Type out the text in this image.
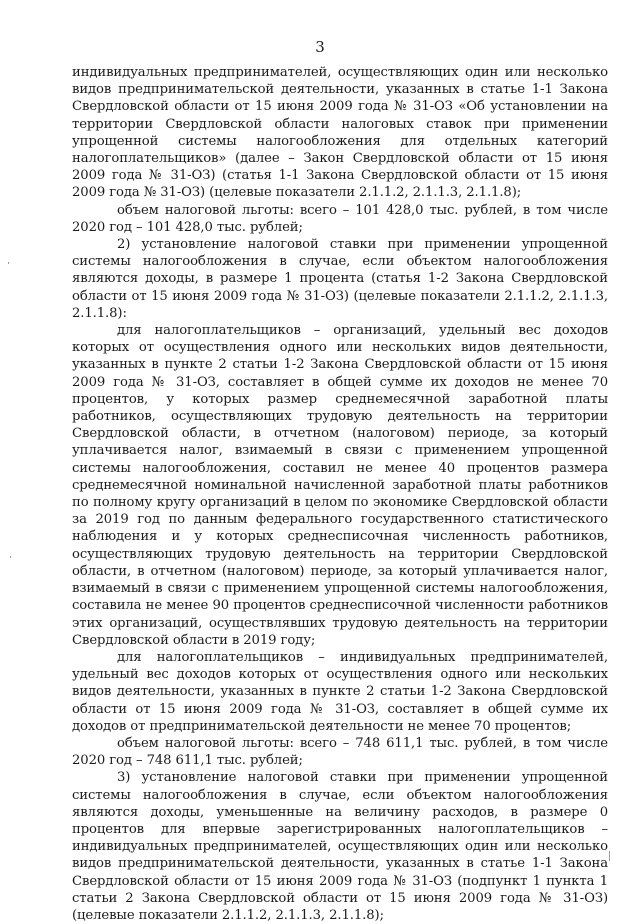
3

индивидуальных предпринимателей, осуществляющих один или несколько видов предпринимательской деятельности, указанных в статье 1-1 Закона Свердловской области от 15 июня 2009 года № 31-ОЗ «Об установлении на территории Свердловской области налоговых ставок при применении упрощенной системы налогообложения для отдельных категорий налогоплательщиков» (далее – Закон Свердловской области от 15 июня 2009 года № 31-ОЗ) (статья 1-1 Закона Свердловской области от 15 июня 2009 года № 31-ОЗ) (целевые показатели 2.1.1.2, 2.1.1.3, 2.1.1.8);

объем налоговой льготы: всего – 101 428,0 тыс. рублей, в том числе 2020 год – 101 428,0 тыс. рублей;

2) установление налоговой ставки при применении упрощенной системы налогообложения в случае, если объектом налогообложения являются доходы, в размере 1 процента (статья 1-2 Закона Свердловской области от 15 июня 2009 года № 31-ОЗ) (целевые показатели 2.1.1.2, 2.1.1.3, 2.1.1.8):

для налогоплательщиков – организаций, удельный вес доходов которых от осуществления одного или нескольких видов деятельности, указанных в пункте 2 статьи 1-2 Закона Свердловской области от 15 июня 2009 года № 31-ОЗ, составляет в общей сумме их доходов не менее 70 процентов, у которых размер среднемесячной заработной платы работников, осуществляющих трудовую деятельность на территории Свердловской области, в отчетном (налоговом) периоде, за который уплачивается налог, взимаемый в связи с применением упрощенной системы налогообложения, составил не менее 40 процентов размера среднемесячной номинальной начисленной заработной платы работников по полному кругу организаций в целом по экономике Свердловской области за 2019 год по данным федерального государственного статистического наблюдения и у которых среднесписочная численность работников, осуществляющих трудовую деятельность на территории Свердловской области, в отчетном (налоговом) периоде, за который уплачивается налог, взимаемый в связи с применением упрощенной системы налогообложения, составила не менее 90 процентов среднесписочной численности работников этих организаций, осуществлявших трудовую деятельность на территории Свердловской области в 2019 году;

для налогоплательщиков – индивидуальных предпринимателей, удельный вес доходов которых от осуществления одного или нескольких видов деятельности, указанных в пункте 2 статьи 1-2 Закона Свердловской области от 15 июня 2009 года № 31-ОЗ, составляет в общей сумме их доходов от предпринимательской деятельности не менее 70 процентов;

объем налоговой льготы: всего – 748 611,1 тыс. рублей, в том числе 2020 год – 748 611,1 тыс. рублей;

3) установление налоговой ставки при применении упрощенной системы налогообложения в случае, если объектом налогообложения являются доходы, уменьшенные на величину расходов, в размере 0 процентов для впервые зарегистрированных налогоплательщиков – индивидуальных предпринимателей, осуществляющих один или несколько видов предпринимательской деятельности, указанных в статье 1-1 Закона Свердловской области от 15 июня 2009 года № 31-ОЗ (подпункт 1 пункта 1 статьи 2 Закона Свердловской области от 15 июня 2009 года № 31-ОЗ) (целевые показатели 2.1.1.2, 2.1.1.3, 2.1.1.8);
